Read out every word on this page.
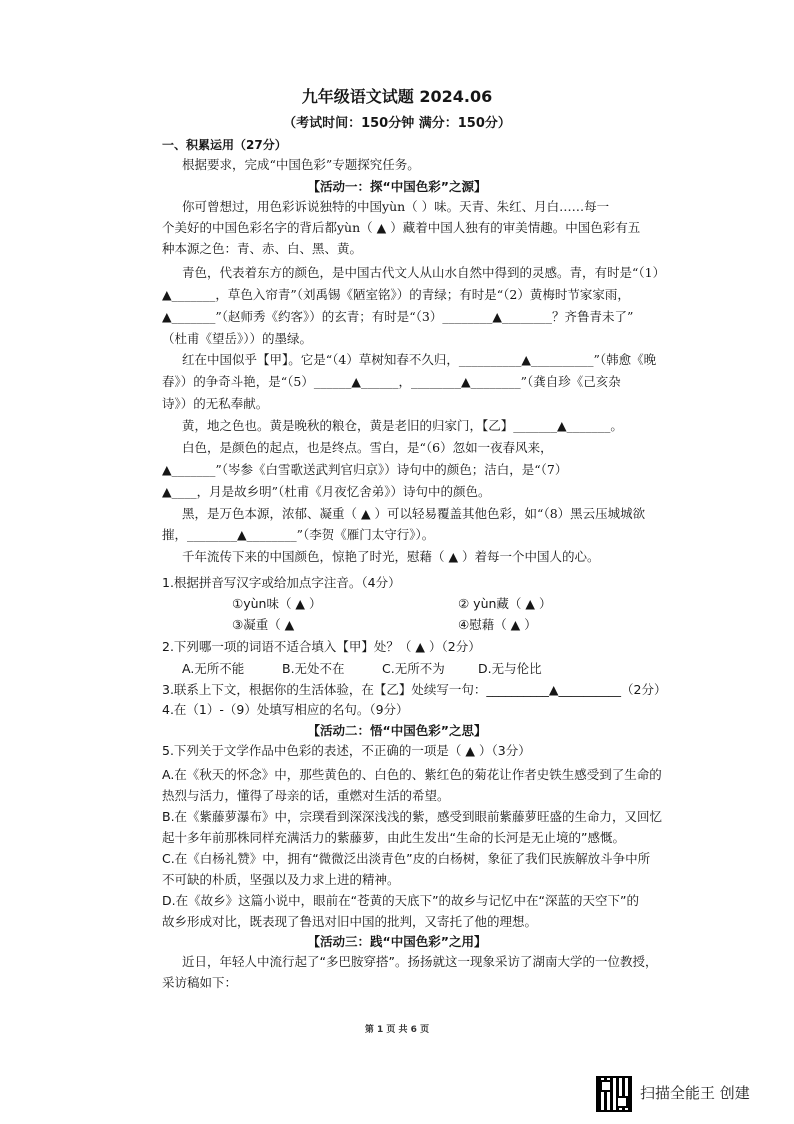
九年级语文试题 2024.06
（考试时间：150分钟 满分：150分）
一、积累运用（27分）
根据要求，完成“中国色彩”专题探究任务。
【活动一：探“中国色彩”之源】
你可曾想过，用色彩诉说独特的中国yùn（ ）味。天青、朱红、月白……每一
个美好的中国色彩名字的背后都yùn（ ▲ ）藏着中国人独有的审美情趣。中国色彩有五
种本源之色：青、赤、白、黑、黄。
青色，代表着东方的颜色，是中国古代文人从山水自然中得到的灵感。青，有时是“（1）
▲_______，草色入帘青”（刘禹锡《陋室铭》）的青绿；有时是“（2）黄梅时节家家雨，
▲_______”（赵师秀《约客》）的玄青；有时是“（3）________▲________？齐鲁青未了”
（杜甫《望岳》））的墨绿。
红在中国似乎【甲】。它是“（4）草树知春不久归，__________▲__________”（韩愈《晚
春》）的争奇斗艳，是“（5）______▲______，________▲________”（龚自珍《己亥杂
诗》）的无私奉献。
黄，地之色也。黄是晚秋的粮仓，黄是老旧的归家门，【乙】_______▲_______。
白色，是颜色的起点，也是终点。雪白，是“（6）忽如一夜春风来，
▲_______”（岑参《白雪歌送武判官归京》）诗句中的颜色；洁白，是“（7）
▲____，月是故乡明”（杜甫《月夜忆舍弟》）诗句中的颜色。
黑，是万色本源，浓郁、凝重（ ▲ ）可以轻易覆盖其他色彩，如“（8）黑云压城城欲
摧，________▲________”（李贺《雁门太守行》）。
千年流传下来的中国颜色，惊艳了时光，慰藉（ ▲ ）着每一个中国人的心。
1.根据拼音写汉字或给加点字注音。（4分）
①yùn味（ ▲ ）	② yùn藏（ ▲ ）
③凝重（ ▲	④慰藉（ ▲ ）
2.下列哪一项的词语不适合填入【甲】处？（ ▲ ）（2分）
A.无所不能	B.无处不在	C.无所不为	D.无与伦比
3.联系上下文，根据你的生活体验，在【乙】处续写一句：__________▲__________（2分）
4.在（1）-（9）处填写相应的名句。（9分）
【活动二：悟“中国色彩”之思】
5.下列关于文学作品中色彩的表述，不正确的一项是（ ▲ ）（3分）
A.在《秋天的怀念》中，那些黄色的、白色的、紫红色的菊花让作者史铁生感受到了生命的
热烈与活力，懂得了母亲的话，重燃对生活的希望。
B.在《紫藤萝瀑布》中，宗璞看到深深浅浅的紫，感受到眼前紫藤萝旺盛的生命力，又回忆
起十多年前那株同样充满活力的紫藤萝，由此生发出“生命的长河是无止境的”感慨。
C.在《白杨礼赞》中，拥有“微微泛出淡青色”皮的白杨树，象征了我们民族解放斗争中所
不可缺的朴质，坚强以及力求上进的精神。
D.在《故乡》这篇小说中，眼前在“苍黄的天底下”的故乡与记忆中在“深蓝的天空下”的
故乡形成对比，既表现了鲁迅对旧中国的批判，又寄托了他的理想。
【活动三：践“中国色彩”之用】
近日，年轻人中流行起了“多巴胺穿搭”。扬扬就这一现象采访了湖南大学的一位教授，
采访稿如下：
第 1 页 共 6 页
扫描全能王 创建
